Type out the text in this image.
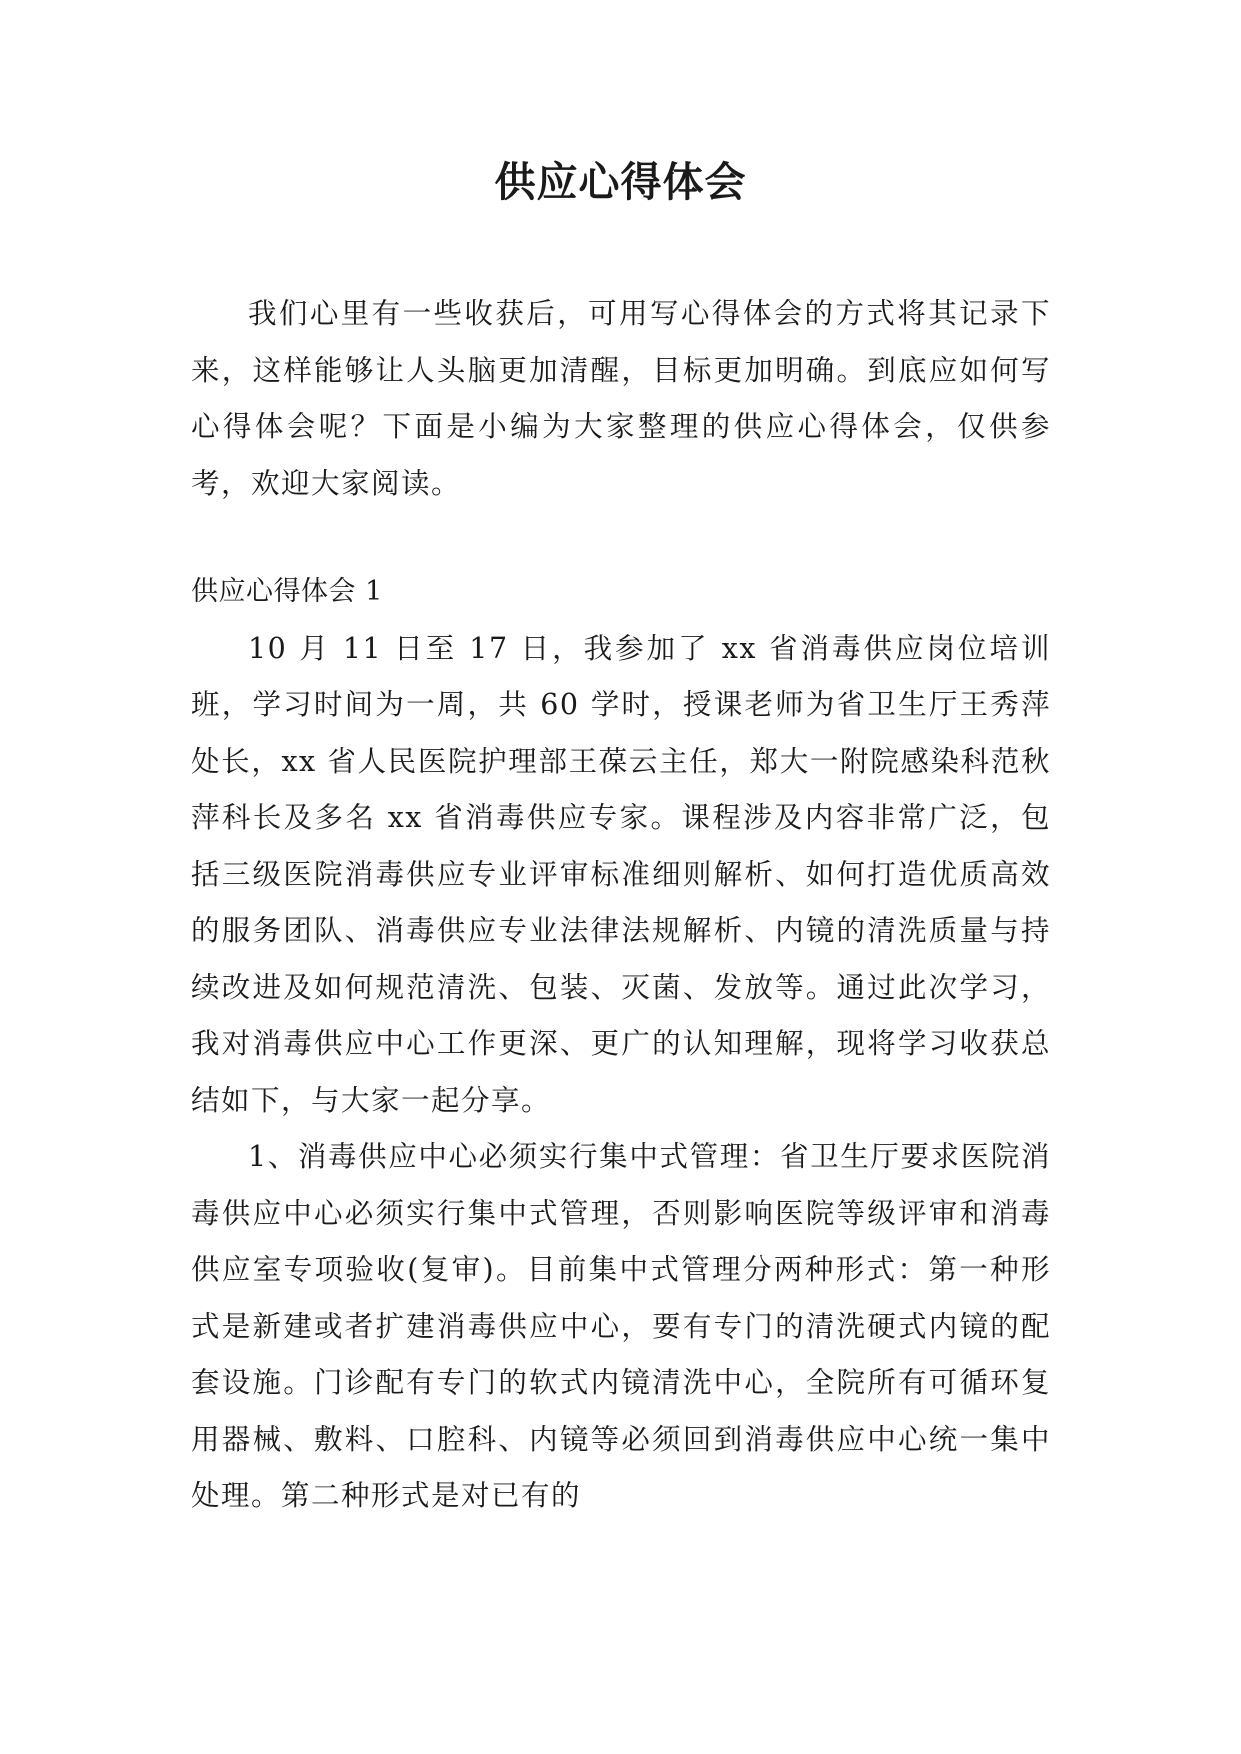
供应心得体会

我们心里有一些收获后，可用写心得体会的方式将其记录下来，这样能够让人头脑更加清醒，目标更加明确。到底应如何写心得体会呢？下面是小编为大家整理的供应心得体会，仅供参考，欢迎大家阅读。

供应心得体会 1

10 月 11 日至 17 日，我参加了 xx 省消毒供应岗位培训班，学习时间为一周，共 60 学时，授课老师为省卫生厅王秀萍处长，xx 省人民医院护理部王葆云主任，郑大一附院感染科范秋萍科长及多名 xx 省消毒供应专家。课程涉及内容非常广泛，包括三级医院消毒供应专业评审标准细则解析、如何打造优质高效的服务团队、消毒供应专业法律法规解析、内镜的清洗质量与持续改进及如何规范清洗、包装、灭菌、发放等。通过此次学习，我对消毒供应中心工作更深、更广的认知理解，现将学习收获总结如下，与大家一起分享。

1、消毒供应中心必须实行集中式管理：省卫生厅要求医院消毒供应中心必须实行集中式管理，否则影响医院等级评审和消毒供应室专项验收(复审)。目前集中式管理分两种形式：第一种形式是新建或者扩建消毒供应中心，要有专门的清洗硬式内镜的配套设施。门诊配有专门的软式内镜清洗中心，全院所有可循环复用器械、敷料、口腔科、内镜等必须回到消毒供应中心统一集中处理。第二种形式是对已有的
